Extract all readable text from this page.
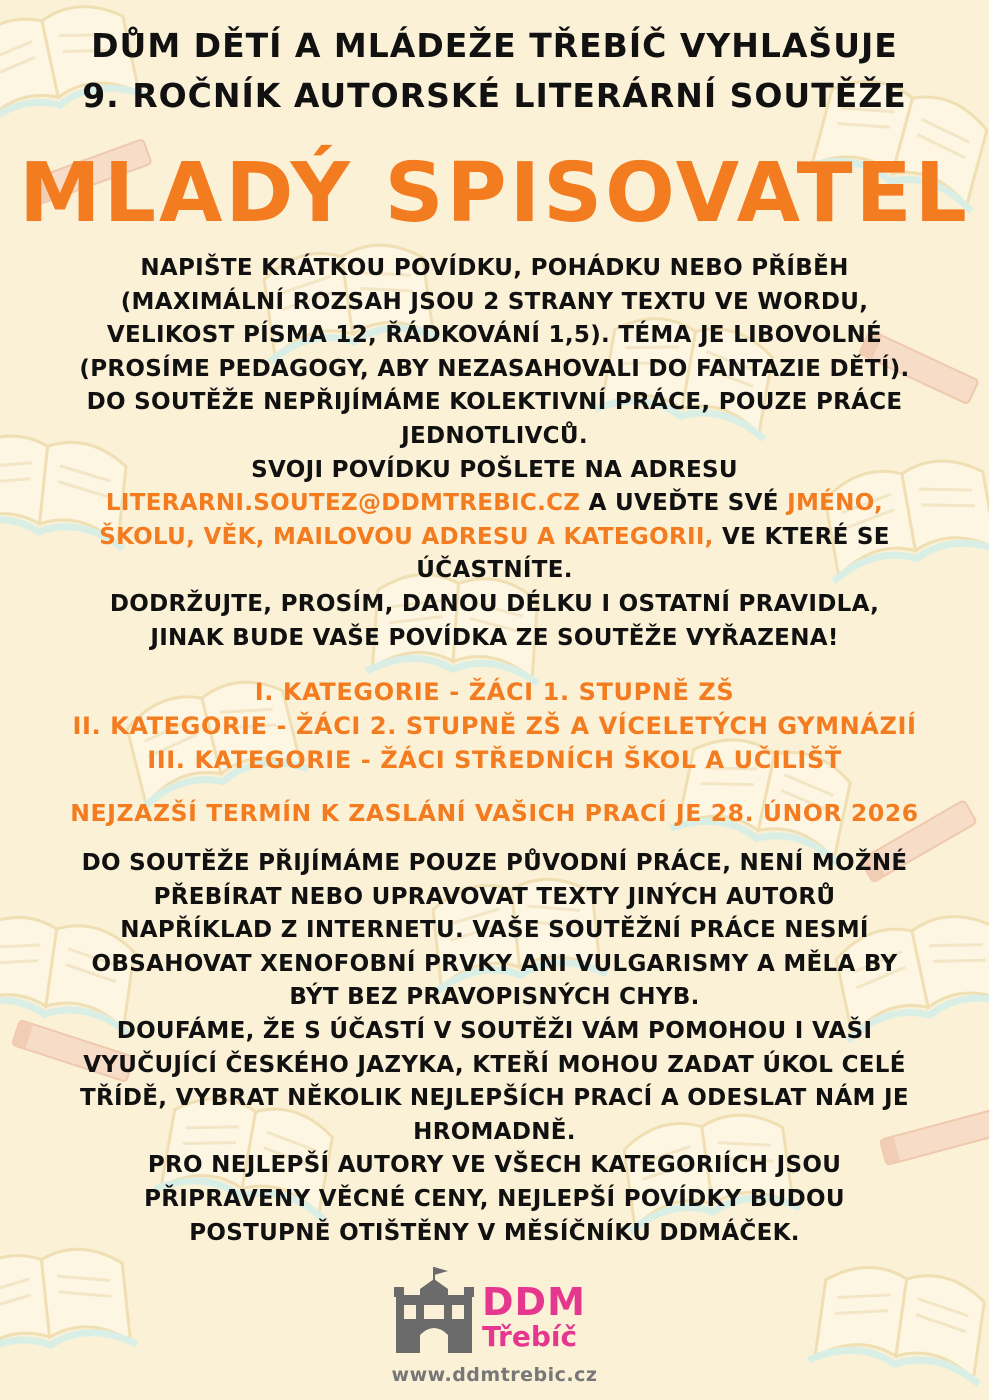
DŮM DĚTÍ A MLÁDEŽE TŘEBÍČ VYHLAŠUJE
9. ROČNÍK AUTORSKÉ LITERÁRNÍ SOUTĚŽE
MLADÝ SPISOVATEL
NAPIŠTE KRÁTKOU POVÍDKU, POHÁDKU NEBO PŘÍBĚH
(MAXIMÁLNÍ ROZSAH JSOU 2 STRANY TEXTU VE WORDU,
VELIKOST PÍSMA 12, ŘÁDKOVÁNÍ 1,5). TÉMA JE LIBOVOLNÉ
(PROSÍME PEDAGOGY, ABY NEZASAHOVALI DO FANTAZIE DĚTÍ).
DO SOUTĚŽE NEPŘIJÍMÁME KOLEKTIVNÍ PRÁCE, POUZE PRÁCE
JEDNOTLIVCŮ.
SVOJI POVÍDKU POŠLETE NA ADRESU
LITERARNI.SOUTEZ@DDMTREBIC.CZ A UVEĎTE SVÉ JMÉNO,
ŠKOLU, VĚK, MAILOVOU ADRESU A KATEGORII, VE KTERÉ SE
ÚČASTNÍTE.
DODRŽUJTE, PROSÍM, DANOU DÉLKU I OSTATNÍ PRAVIDLA,
JINAK BUDE VAŠE POVÍDKA ZE SOUTĚŽE VYŘAZENA!
I. KATEGORIE - ŽÁCI 1. STUPNĚ ZŠ
II. KATEGORIE - ŽÁCI 2. STUPNĚ ZŠ A VÍCELETÝCH GYMNÁZIÍ
III. KATEGORIE - ŽÁCI STŘEDNÍCH ŠKOL A UČILIŠŤ
NEJZAZŠÍ TERMÍN K ZASLÁNÍ VAŠICH PRACÍ JE 28. ÚNOR 2026
DO SOUTĚŽE PŘIJÍMÁME POUZE PŮVODNÍ PRÁCE, NENÍ MOŽNÉ
PŘEBÍRAT NEBO UPRAVOVAT TEXTY JINÝCH AUTORŮ
NAPŘÍKLAD Z INTERNETU. VAŠE SOUTĚŽNÍ PRÁCE NESMÍ
OBSAHOVAT XENOFOBNÍ PRVKY ANI VULGARISMY A MĚLA BY
BÝT BEZ PRAVOPISNÝCH CHYB.
DOUFÁME, ŽE S ÚČASTÍ V SOUTĚŽI VÁM POMOHOU I VAŠI
VYUČUJÍCÍ ČESKÉHO JAZYKA, KTEŘÍ MOHOU ZADAT ÚKOL CELÉ
TŘÍDĚ, VYBRAT NĚKOLIK NEJLEPŠÍCH PRACÍ A ODESLAT NÁM JE
HROMADNĚ.
PRO NEJLEPŠÍ AUTORY VE VŠECH KATEGORIÍCH JSOU
PŘIPRAVENY VĚCNÉ CENY, NEJLEPŠÍ POVÍDKY BUDOU
POSTUPNĚ OTIŠTĚNY V MĚSÍČNÍKU DDMÁČEK.
DDM
Třebíč
www.ddmtrebic.cz
